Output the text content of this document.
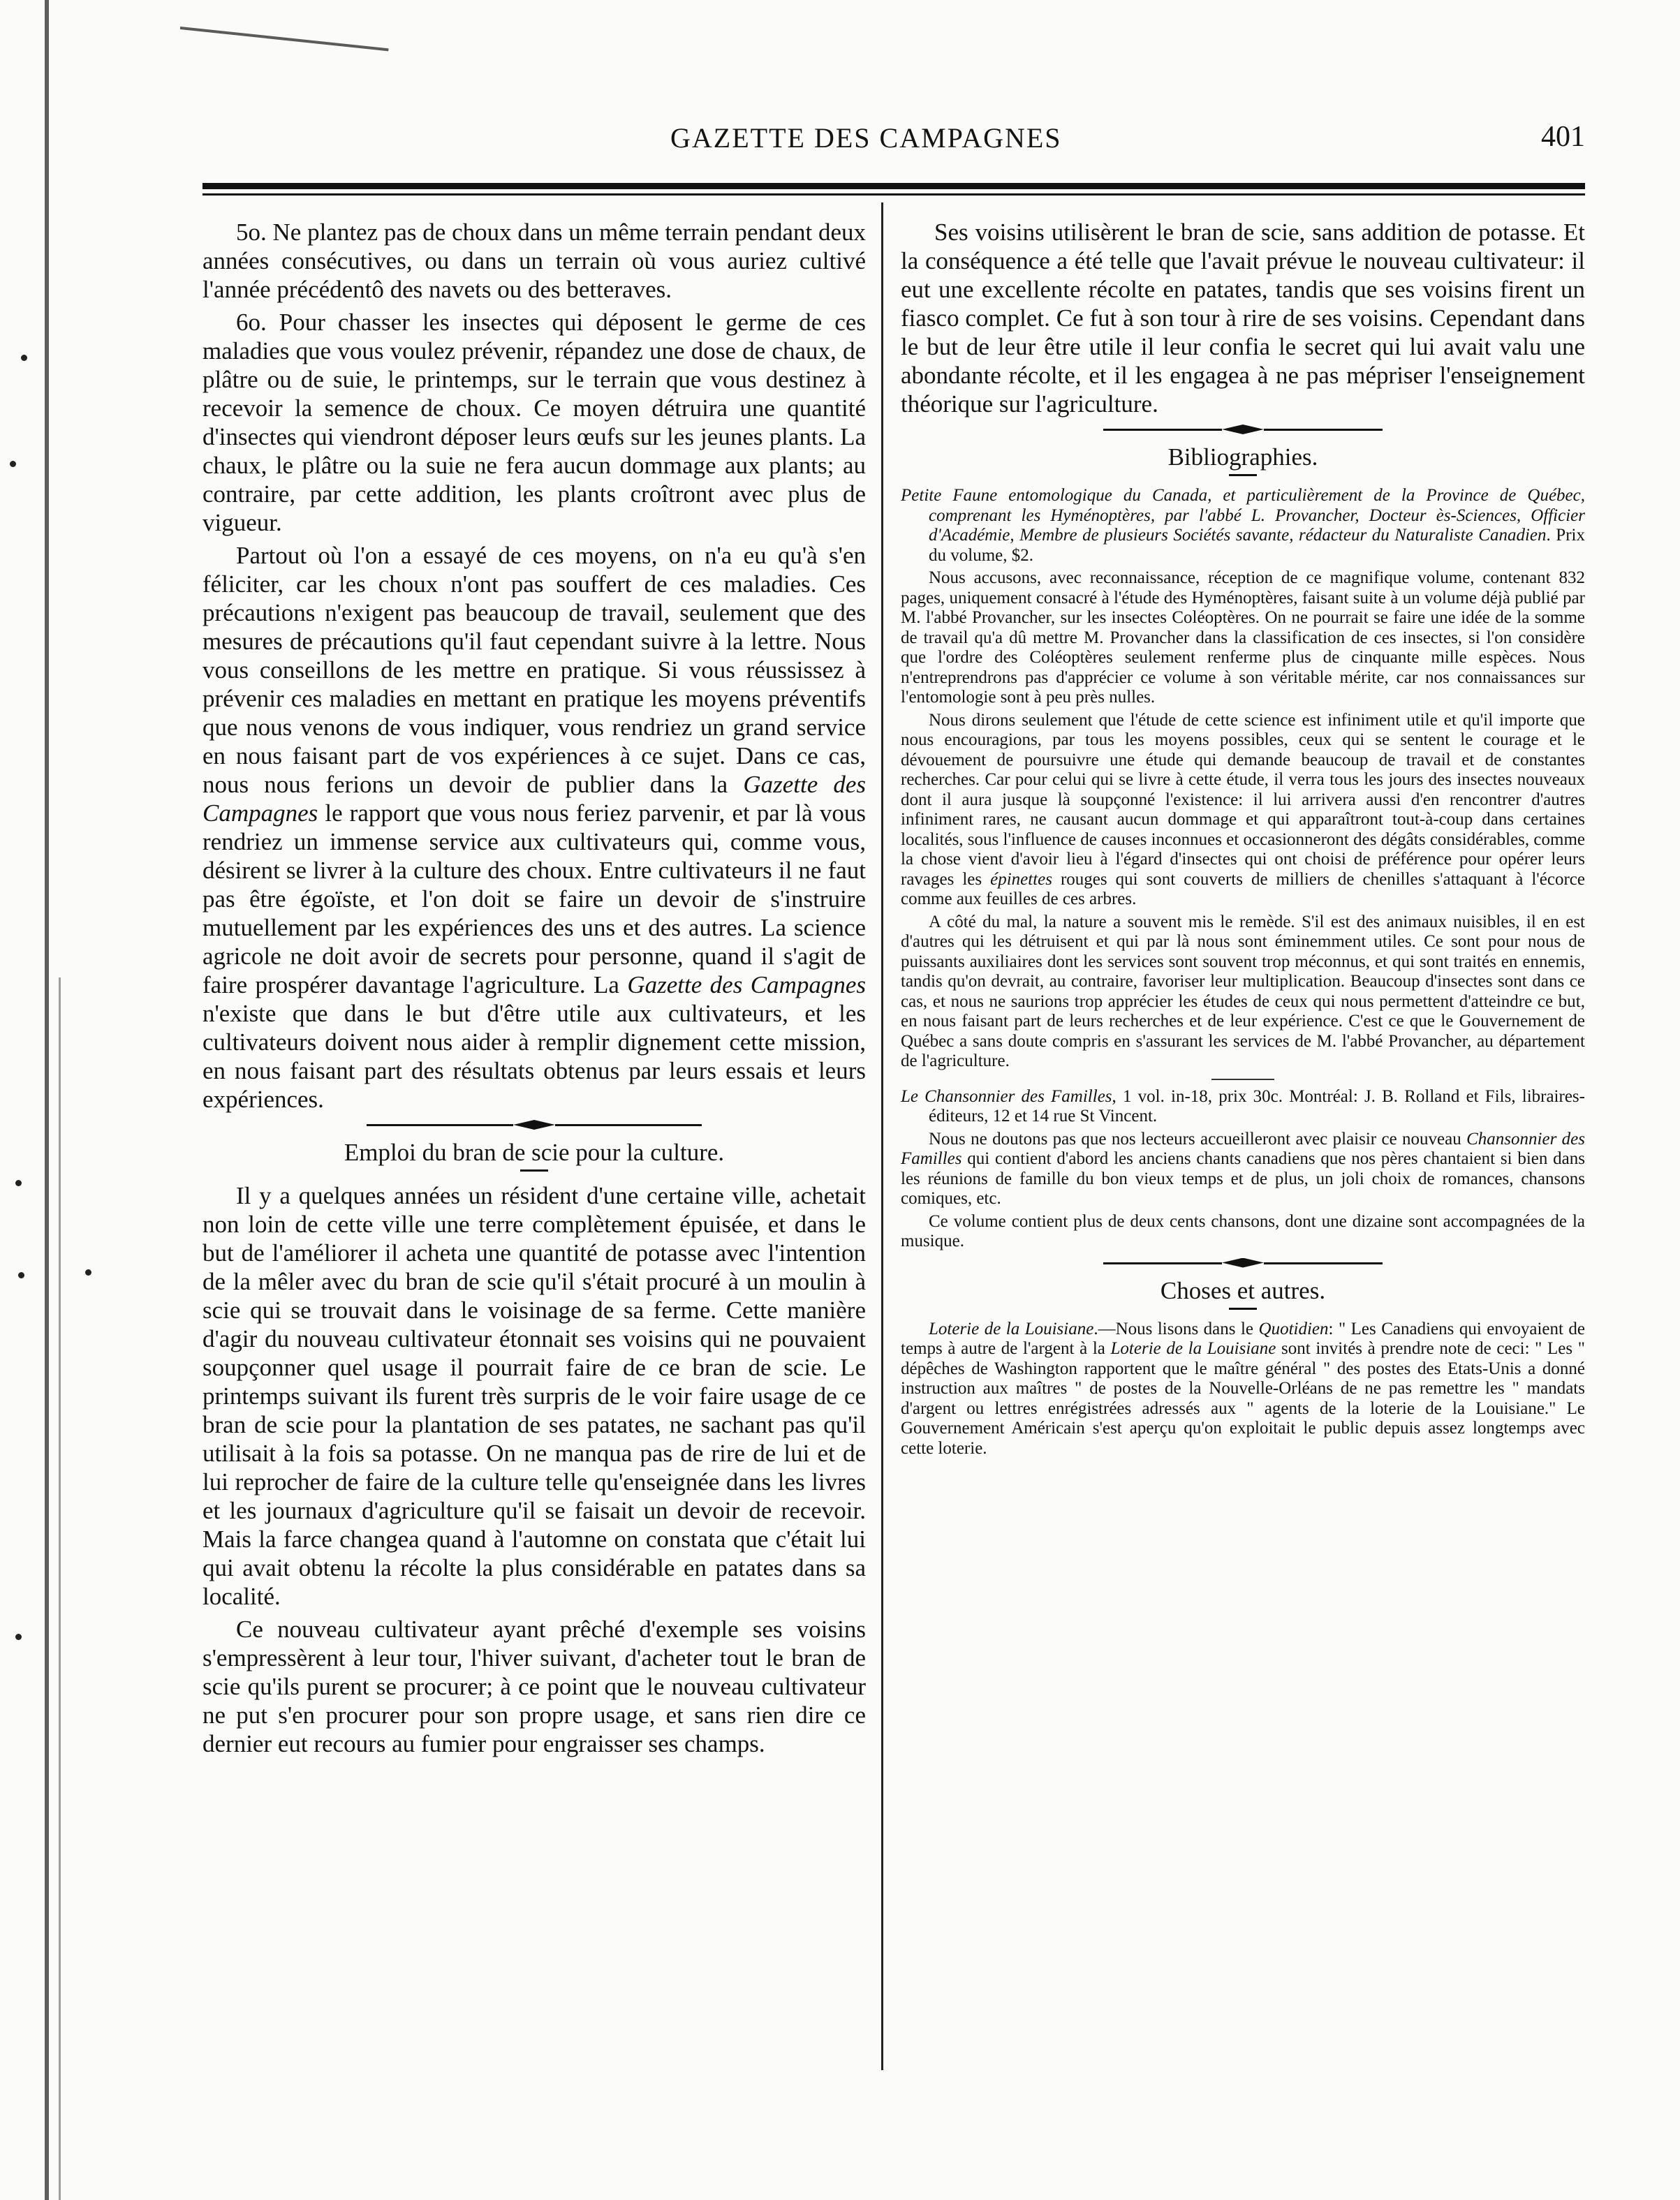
GAZETTE DES CAMPAGNES	401

5o. Ne plantez pas de choux dans un même terrain pendant deux années consécutives, ou dans un terrain où vous auriez cultivé l'année précédentô des navets ou des betteraves.

6o. Pour chasser les insectes qui déposent le germe de ces maladies que vous voulez prévenir, répandez une dose de chaux, de plâtre ou de suie, le printemps, sur le terrain que vous destinez à recevoir la semence de choux. Ce moyen détruira une quantité d'insectes qui viendront déposer leurs œufs sur les jeunes plants. La chaux, le plâtre ou la suie ne fera aucun dommage aux plants; au contraire, par cette addition, les plants croîtront avec plus de vigueur.

Partout où l'on a essayé de ces moyens, on n'a eu qu'à s'en féliciter, car les choux n'ont pas souffert de ces maladies. Ces précautions n'exigent pas beaucoup de travail, seulement que des mesures de précautions qu'il faut cependant suivre à la lettre. Nous vous conseillons de les mettre en pratique. Si vous réussissez à prévenir ces maladies en mettant en pratique les moyens préventifs que nous venons de vous indiquer, vous rendriez un grand service en nous faisant part de vos expériences à ce sujet. Dans ce cas, nous nous ferions un devoir de publier dans la Gazette des Campagnes le rapport que vous nous feriez parvenir, et par là vous rendriez un immense service aux cultivateurs qui, comme vous, désirent se livrer à la culture des choux. Entre cultivateurs il ne faut pas être égoïste, et l'on doit se faire un devoir de s'instruire mutuellement par les expériences des uns et des autres. La science agricole ne doit avoir de secrets pour personne, quand il s'agit de faire prospérer davantage l'agriculture. La Gazette des Campagnes n'existe que dans le but d'être utile aux cultivateurs, et les cultivateurs doivent nous aider à remplir dignement cette mission, en nous faisant part des résultats obtenus par leurs essais et leurs expériences.

Emploi du bran de scie pour la culture.

Il y a quelques années un résident d'une certaine ville, achetait non loin de cette ville une terre complètement épuisée, et dans le but de l'améliorer il acheta une quantité de potasse avec l'intention de la mêler avec du bran de scie qu'il s'était procuré à un moulin à scie qui se trouvait dans le voisinage de sa ferme. Cette manière d'agir du nouveau cultivateur étonnait ses voisins qui ne pouvaient soupçonner quel usage il pourrait faire de ce bran de scie. Le printemps suivant ils furent très surpris de le voir faire usage de ce bran de scie pour la plantation de ses patates, ne sachant pas qu'il utilisait à la fois sa potasse. On ne manqua pas de rire de lui et de lui reprocher de faire de la culture telle qu'enseignée dans les livres et les journaux d'agriculture qu'il se faisait un devoir de recevoir. Mais la farce changea quand à l'automne on constata que c'était lui qui avait obtenu la récolte la plus considérable en patates dans sa localité.

Ce nouveau cultivateur ayant prêché d'exemple ses voisins s'empressèrent à leur tour, l'hiver suivant, d'acheter tout le bran de scie qu'ils purent se procurer; à ce point que le nouveau cultivateur ne put s'en procurer pour son propre usage, et sans rien dire ce dernier eut recours au fumier pour engraisser ses champs.

Ses voisins utilisèrent le bran de scie, sans addition de potasse. Et la conséquence a été telle que l'avait prévue le nouveau cultivateur: il eut une excellente récolte en patates, tandis que ses voisins firent un fiasco complet. Ce fut à son tour à rire de ses voisins. Cependant dans le but de leur être utile il leur confia le secret qui lui avait valu une abondante récolte, et il les engagea à ne pas mépriser l'enseignement théorique sur l'agriculture.

Bibliographies.

Petite Faune entomologique du Canada, et particulièrement de la Province de Québec, comprenant les Hyménoptères, par l'abbé L. Provancher, Docteur ès-Sciences, Officier d'Académie, Membre de plusieurs Sociétés savante, rédacteur du Naturaliste Canadien. Prix du volume, $2.

Nous accusons, avec reconnaissance, réception de ce magnifique volume, contenant 832 pages, uniquement consacré à l'étude des Hyménoptères, faisant suite à un volume déjà publié par M. l'abbé Provancher, sur les insectes Coléoptères. On ne pourrait se faire une idée de la somme de travail qu'a dû mettre M. Provancher dans la classification de ces insectes, si l'on considère que l'ordre des Coléoptères seulement renferme plus de cinquante mille espèces. Nous n'entreprendrons pas d'apprécier ce volume à son véritable mérite, car nos connaissances sur l'entomologie sont à peu près nulles.

Nous dirons seulement que l'étude de cette science est infiniment utile et qu'il importe que nous encouragions, par tous les moyens possibles, ceux qui se sentent le courage et le dévouement de poursuivre une étude qui demande beaucoup de travail et de constantes recherches. Car pour celui qui se livre à cette étude, il verra tous les jours des insectes nouveaux dont il aura jusque là soupçonné l'existence: il lui arrivera aussi d'en rencontrer d'autres infiniment rares, ne causant aucun dommage et qui apparaîtront tout-à-coup dans certaines localités, sous l'influence de causes inconnues et occasionneront des dégâts considérables, comme la chose vient d'avoir lieu à l'égard d'insectes qui ont choisi de préférence pour opérer leurs ravages les épinettes rouges qui sont couverts de milliers de chenilles s'attaquant à l'écorce comme aux feuilles de ces arbres.

A côté du mal, la nature a souvent mis le remède. S'il est des animaux nuisibles, il en est d'autres qui les détruisent et qui par là nous sont éminemment utiles. Ce sont pour nous de puissants auxiliaires dont les services sont souvent trop méconnus, et qui sont traités en ennemis, tandis qu'on devrait, au contraire, favoriser leur multiplication. Beaucoup d'insectes sont dans ce cas, et nous ne saurions trop apprécier les études de ceux qui nous permettent d'atteindre ce but, en nous faisant part de leurs recherches et de leur expérience. C'est ce que le Gouvernement de Québec a sans doute compris en s'assurant les services de M. l'abbé Provancher, au département de l'agriculture.

Le Chansonnier des Familles, 1 vol. in-18, prix 30c. Montréal: J. B. Rolland et Fils, libraires-éditeurs, 12 et 14 rue St Vincent.

Nous ne doutons pas que nos lecteurs accueilleront avec plaisir ce nouveau Chansonnier des Familles qui contient d'abord les anciens chants canadiens que nos pères chantaient si bien dans les réunions de famille du bon vieux temps et de plus, un joli choix de romances, chansons comiques, etc.

Ce volume contient plus de deux cents chansons, dont une dizaine sont accompagnées de la musique.

Choses et autres.

Loterie de la Louisiane.—Nous lisons dans le Quotidien: " Les Canadiens qui envoyaient de temps à autre de l'argent à la Loterie de la Louisiane sont invités à prendre note de ceci: " Les " dépêches de Washington rapportent que le maître général " des postes des Etats-Unis a donné instruction aux maîtres " de postes de la Nouvelle-Orléans de ne pas remettre les " mandats d'argent ou lettres enrégistrées adressés aux " agents de la loterie de la Louisiane." Le Gouvernement Américain s'est aperçu qu'on exploitait le public depuis assez longtemps avec cette loterie.
